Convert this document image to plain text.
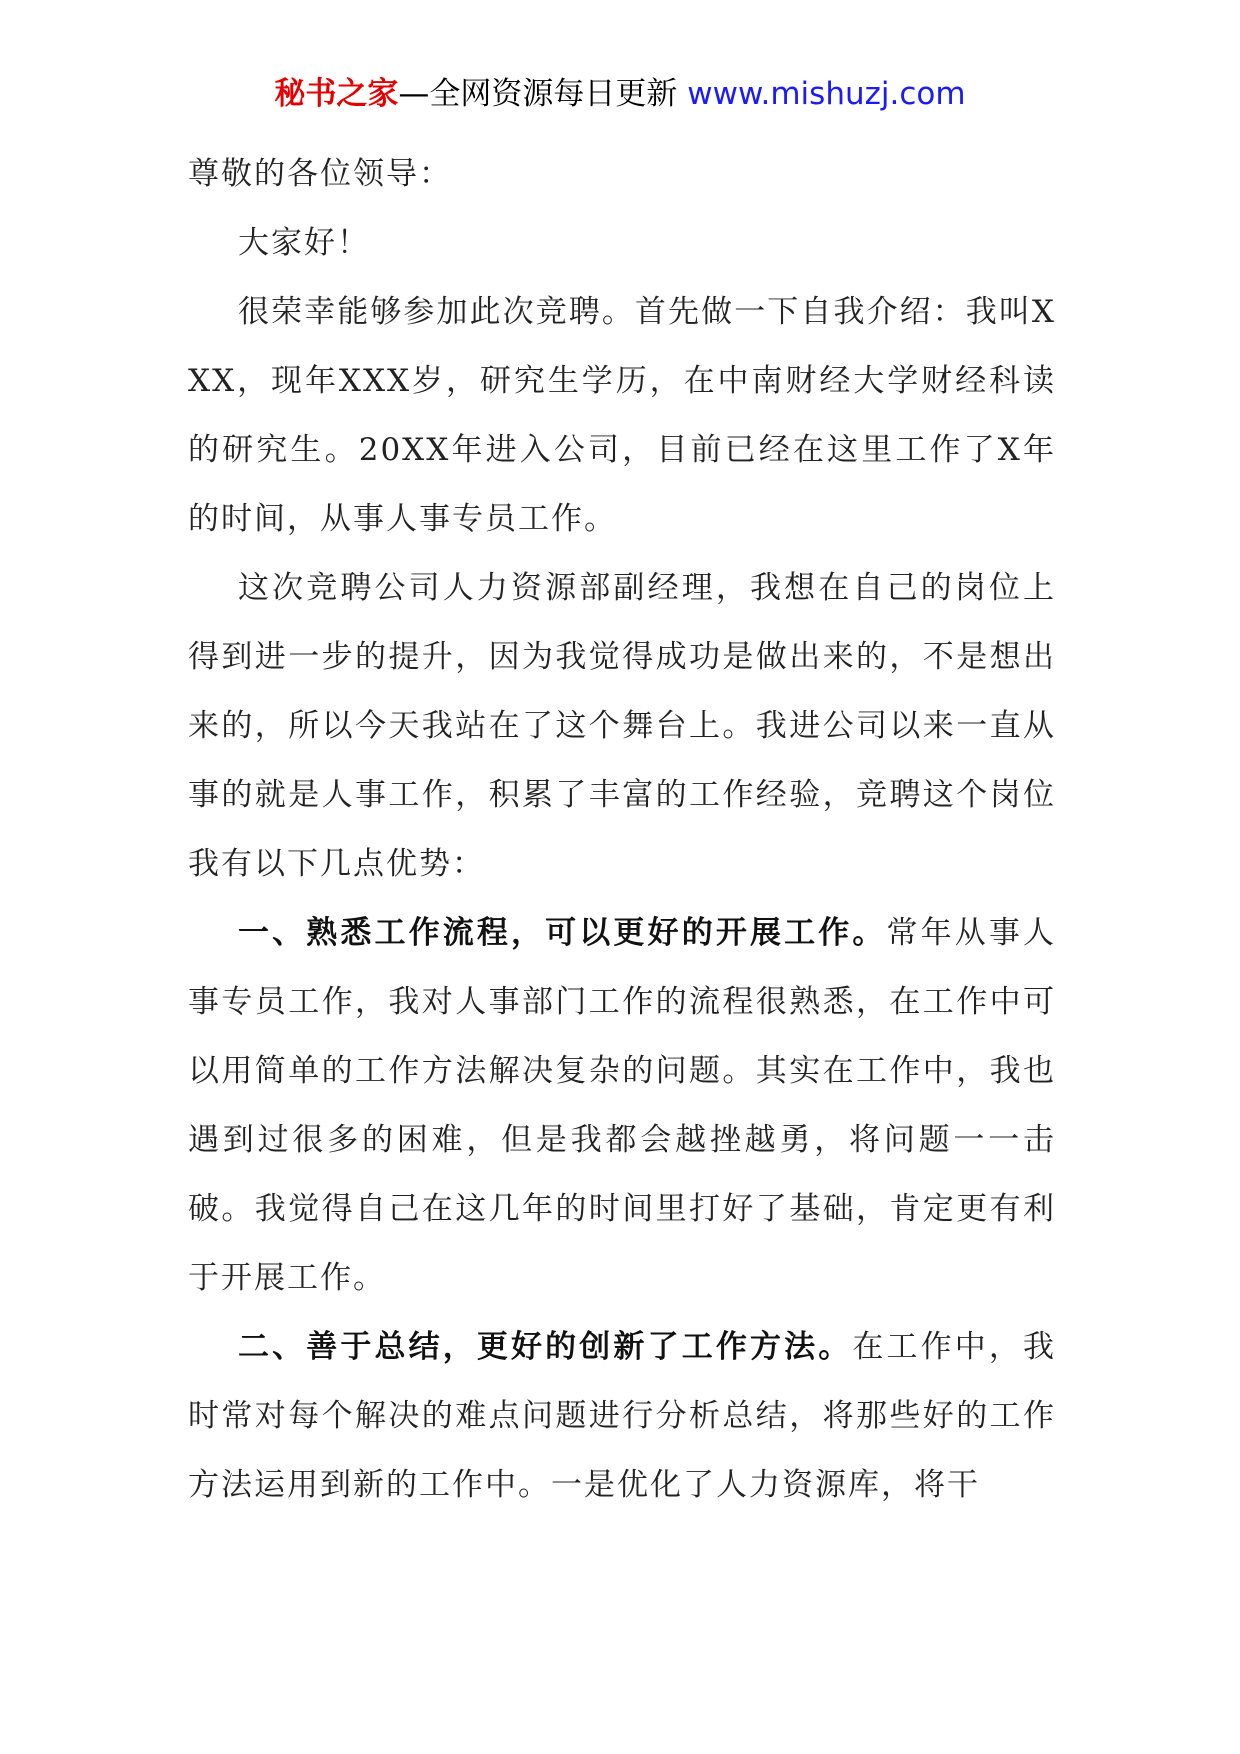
秘书之家—全网资源每日更新 www.mishuzj.com

尊敬的各位领导：

大家好！

很荣幸能够参加此次竞聘。首先做一下自我介绍：我叫XXX，现年XXX岁，研究生学历，在中南财经大学财经科读的研究生。20XX年进入公司，目前已经在这里工作了X年的时间，从事人事专员工作。

这次竞聘公司人力资源部副经理，我想在自己的岗位上得到进一步的提升，因为我觉得成功是做出来的，不是想出来的，所以今天我站在了这个舞台上。我进公司以来一直从事的就是人事工作，积累了丰富的工作经验，竞聘这个岗位我有以下几点优势：

一、熟悉工作流程，可以更好的开展工作。常年从事人事专员工作，我对人事部门工作的流程很熟悉，在工作中可以用简单的工作方法解决复杂的问题。其实在工作中，我也遇到过很多的困难，但是我都会越挫越勇，将问题一一击破。我觉得自己在这几年的时间里打好了基础，肯定更有利于开展工作。

二、善于总结，更好的创新了工作方法。在工作中，我时常对每个解决的难点问题进行分析总结，将那些好的工作方法运用到新的工作中。一是优化了人力资源库，将干
